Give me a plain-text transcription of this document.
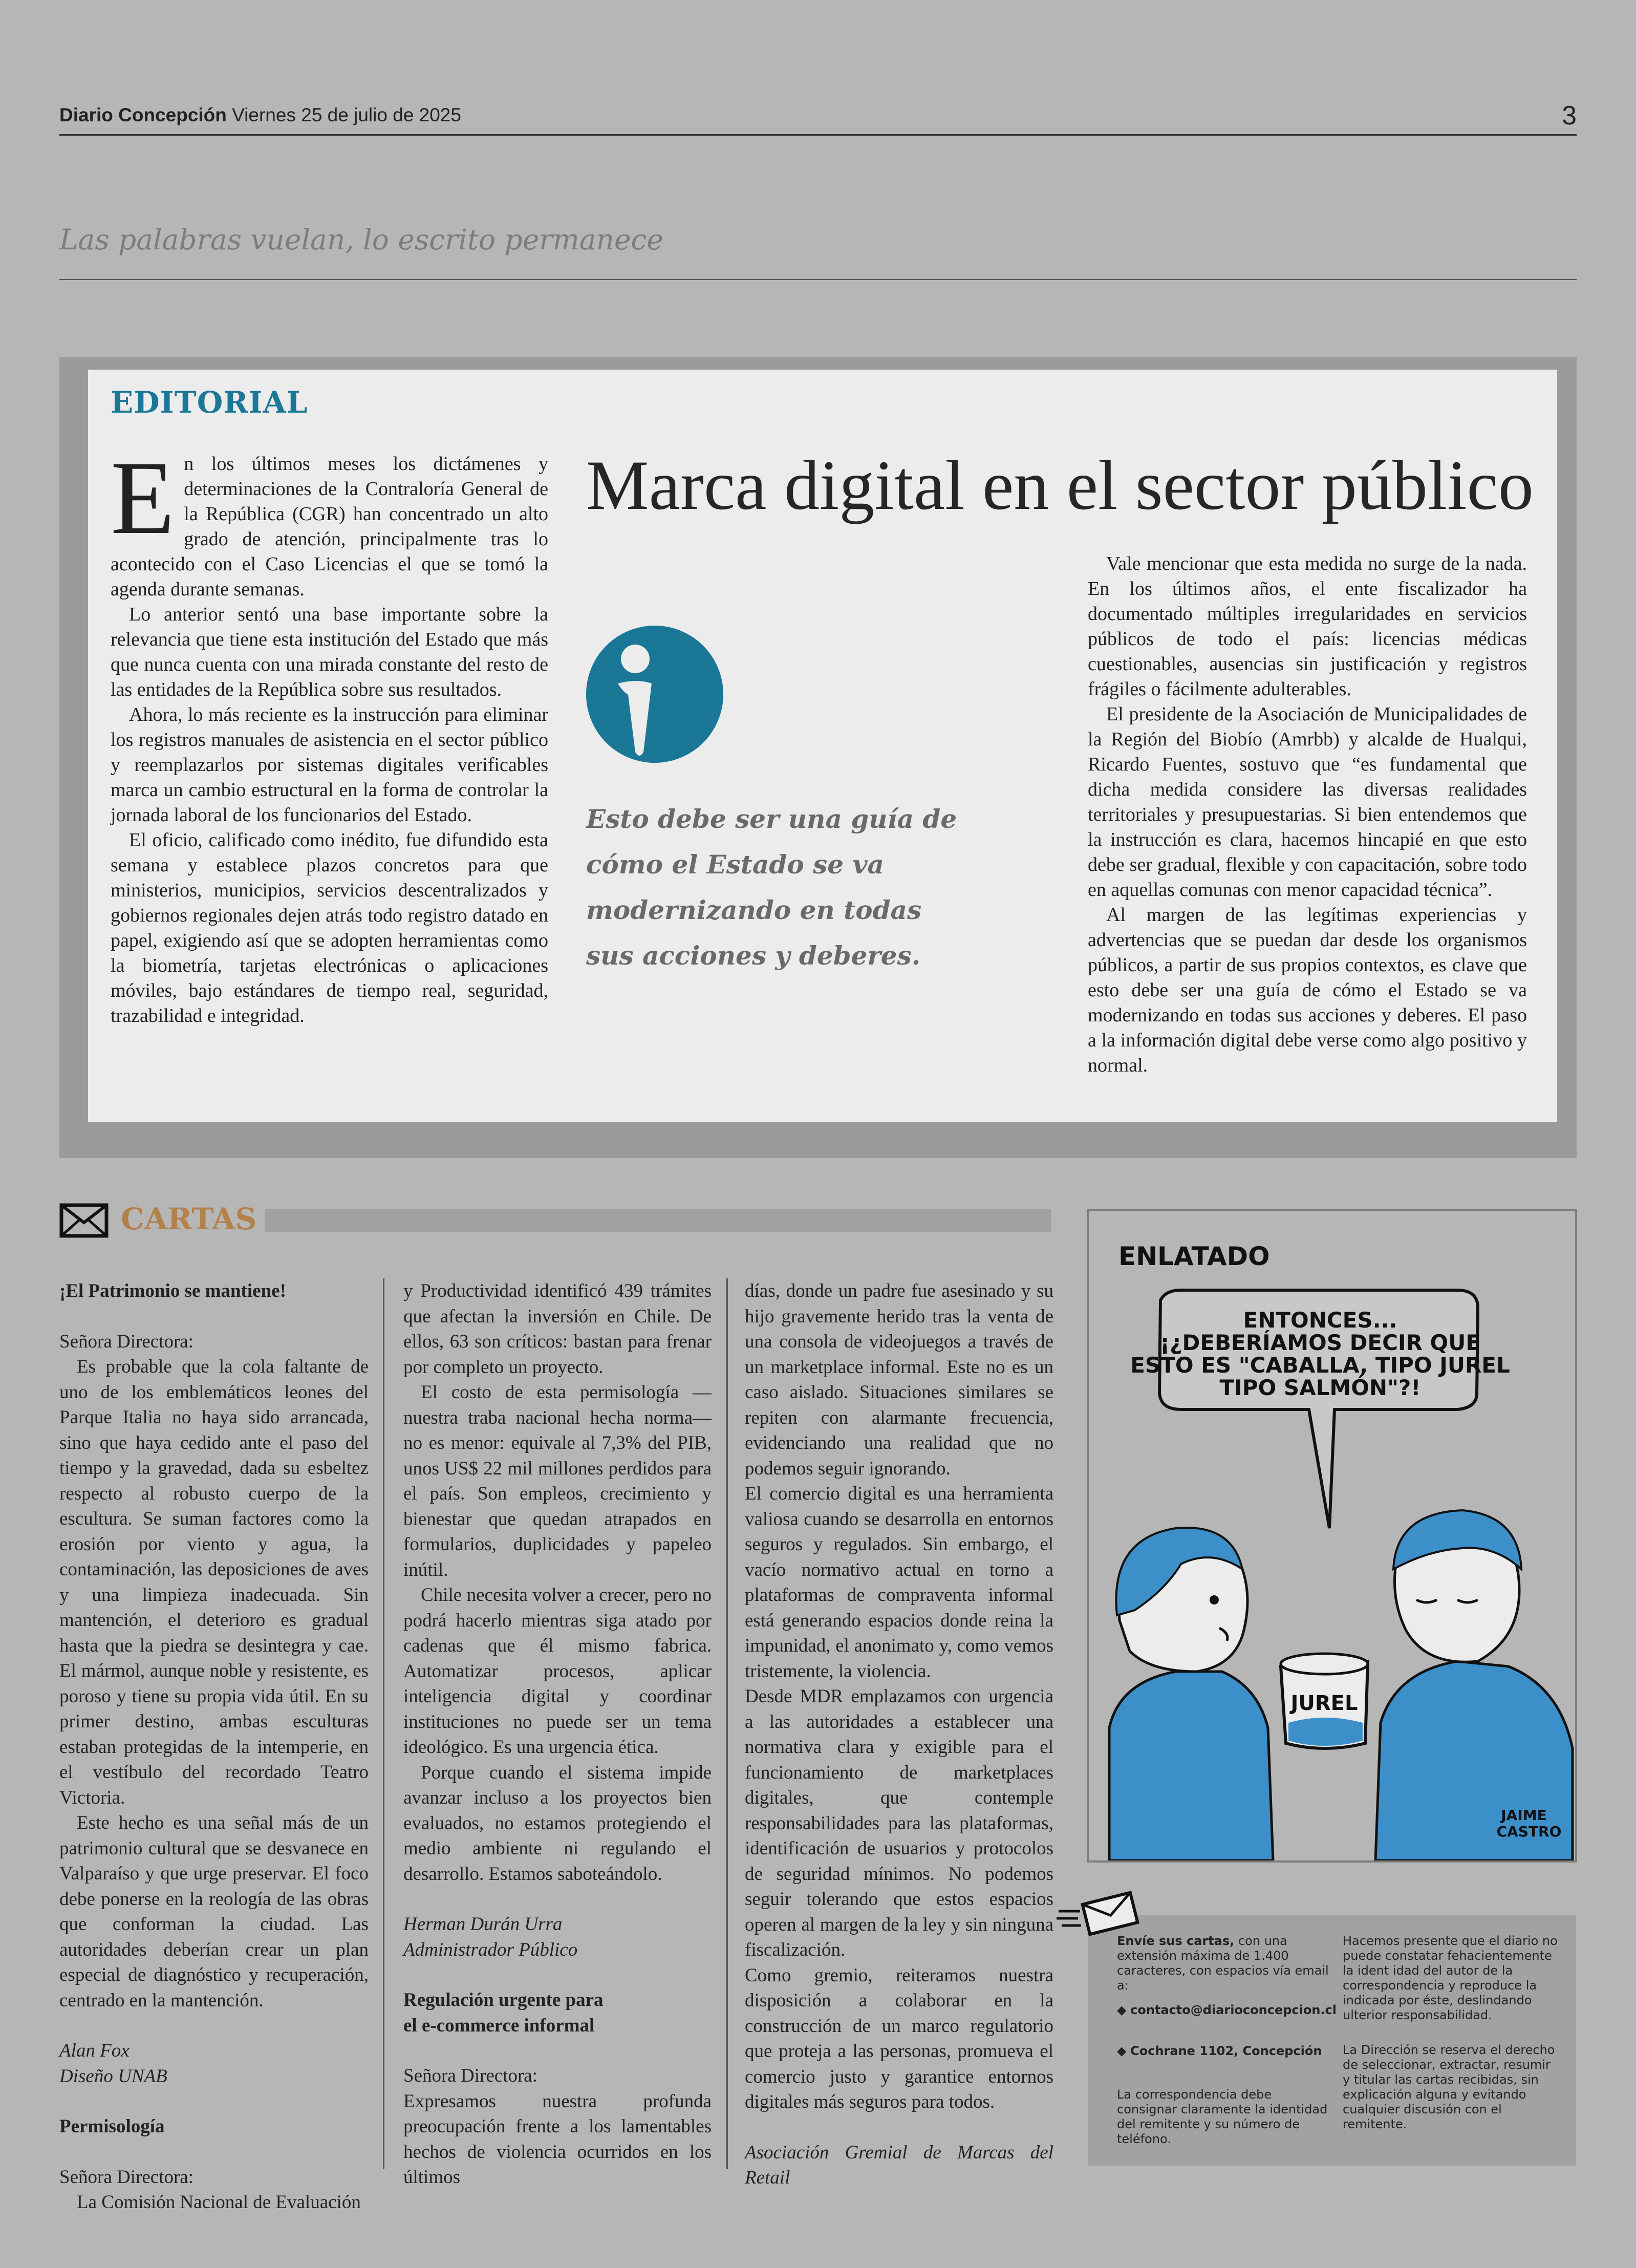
Diario Concepción Viernes 25 de julio de 2025	3
Las palabras vuelan, lo escrito permanece
EDITORIAL
Marca digital en el sector público
E n los últimos meses los dictámenes y determinaciones de la Contraloría General de la República (CGR) han concentrado un alto grado de atención, principalmente tras lo acontecido con el Caso Licencias el que se tomó la agenda durante semanas.

Lo anterior sentó una base importante sobre la relevancia que tiene esta institución del Estado que más que nunca cuenta con una mirada constante del resto de las entidades de la República sobre sus resultados.

Ahora, lo más reciente es la instrucción para eliminar los registros manuales de asistencia en el sector público y reemplazarlos por sistemas digitales verificables marca un cambio estructural en la forma de controlar la jornada laboral de los funcionarios del Estado.

El oficio, calificado como inédito, fue difundido esta semana y establece plazos concretos para que ministerios, municipios, servicios descentralizados y gobiernos regionales dejen atrás todo registro datado en papel, exigiendo así que se adopten herramientas como la biometría, tarjetas electrónicas o aplicaciones móviles, bajo estándares de tiempo real, seguridad, trazabilidad e integridad.

Esto debe ser una guía de cómo el Estado se va modernizando en todas sus acciones y deberes.

Vale mencionar que esta medida no surge de la nada. En los últimos años, el ente fiscalizador ha documentado múltiples irregularidades en servicios públicos de todo el país: licencias médicas cuestionables, ausencias sin justificación y registros frágiles o fácilmente adulterables.

El presidente de la Asociación de Municipalidades de la Región del Biobío (Amrbb) y alcalde de Hualqui, Ricardo Fuentes, sostuvo que “es fundamental que dicha medida considere las diversas realidades territoriales y presupuestarias. Si bien entendemos que la instrucción es clara, hacemos hincapié en que esto debe ser gradual, flexible y con capacitación, sobre todo en aquellas comunas con menor capacidad técnica”.

Al margen de las legítimas experiencias y advertencias que se puedan dar desde los organismos públicos, a partir de sus propios contextos, es clave que esto debe ser una guía de cómo el Estado se va modernizando en todas sus acciones y deberes. El paso a la información digital debe verse como algo positivo y normal.

CARTAS

¡El Patrimonio se mantiene!

Señora Directora:

Es probable que la cola faltante de uno de los emblemáticos leones del Parque Italia no haya sido arrancada, sino que haya cedido ante el paso del tiempo y la gravedad, dada su esbeltez respecto al robusto cuerpo de la escultura. Se suman factores como la erosión por viento y agua, la contaminación, las deposiciones de aves y una limpieza inadecuada. Sin mantención, el deterioro es gradual hasta que la piedra se desintegra y cae. El mármol, aunque noble y resistente, es poroso y tiene su propia vida útil. En su primer destino, ambas esculturas estaban protegidas de la intemperie, en el vestíbulo del recordado Teatro Victoria.

Este hecho es una señal más de un patrimonio cultural que se desvanece en Valparaíso y que urge preservar. El foco debe ponerse en la reología de las obras que conforman la ciudad. Las autoridades deberían crear un plan especial de diagnóstico y recuperación, centrado en la mantención.

Alan Fox

Diseño UNAB

Permisología

Señora Directora:

La Comisión Nacional de Evaluación

y Productividad identificó 439 trámites que afectan la inversión en Chile. De ellos, 63 son críticos: bastan para frenar por completo un proyecto.

El costo de esta permisología —nuestra traba nacional hecha norma— no es menor: equivale al 7,3% del PIB, unos US$ 22 mil millones perdidos para el país. Son empleos, crecimiento y bienestar que quedan atrapados en formularios, duplicidades y papeleo inútil.

Chile necesita volver a crecer, pero no podrá hacerlo mientras siga atado por cadenas que él mismo fabrica. Automatizar procesos, aplicar inteligencia digital y coordinar instituciones no puede ser un tema ideológico. Es una urgencia ética.

Porque cuando el sistema impide avanzar incluso a los proyectos bien evaluados, no estamos protegiendo el medio ambiente ni regulando el desarrollo. Estamos saboteándolo.

Herman Durán Urra

Administrador Público

Regulación urgente para

el e-commerce informal

Señora Directora:

Expresamos nuestra profunda preocupación frente a los lamentables hechos de violencia ocurridos en los últimos

días, donde un padre fue asesinado y su hijo gravemente herido tras la venta de una consola de videojuegos a través de un marketplace informal. Este no es un caso aislado. Situaciones similares se repiten con alarmante frecuencia, evidenciando una realidad que no podemos seguir ignorando.

El comercio digital es una herramienta valiosa cuando se desarrolla en entornos seguros y regulados. Sin embargo, el vacío normativo actual en torno a plataformas de compraventa informal está generando espacios donde reina la impunidad, el anonimato y, como vemos tristemente, la violencia.

Desde MDR emplazamos con urgencia a las autoridades a establecer una normativa clara y exigible para el funcionamiento de marketplaces digitales, que contemple responsabilidades para las plataformas, identificación de usuarios y protocolos de seguridad mínimos. No podemos seguir tolerando que estos espacios operen al margen de la ley y sin ninguna fiscalización.

Como gremio, reiteramos nuestra disposición a colaborar en la construcción de un marco regulatorio que proteja a las personas, promueva el comercio justo y garantice entornos digitales más seguros para todos.

Asociación Gremial de Marcas del Retail

ENLATADO
ENTONCES...
¡¿DEBERÍAMOS DECIR QUE
ESTO ES "CABALLA, TIPO JUREL
TIPO SALMÓN"?!
JUREL
JAIME
CASTRO
Envíe sus cartas, con una extensión máxima de 1.400 caracteres, con espacios vía email a:
◆ contacto@diarioconcepcion.cl
◆ Cochrane 1102, Concepción
La correspondencia debe consignar claramente la identidad del remitente y su número de teléfono.
Hacemos presente que el diario no puede constatar fehacientemente la ident idad del autor de la correspondencia y reproduce la indicada por éste, deslindando ulterior responsabilidad.
La Dirección se reserva el derecho de seleccionar, extractar, resumir y titular las cartas recibidas, sin explicación alguna y evitando cualquier discusión con el remitente.
